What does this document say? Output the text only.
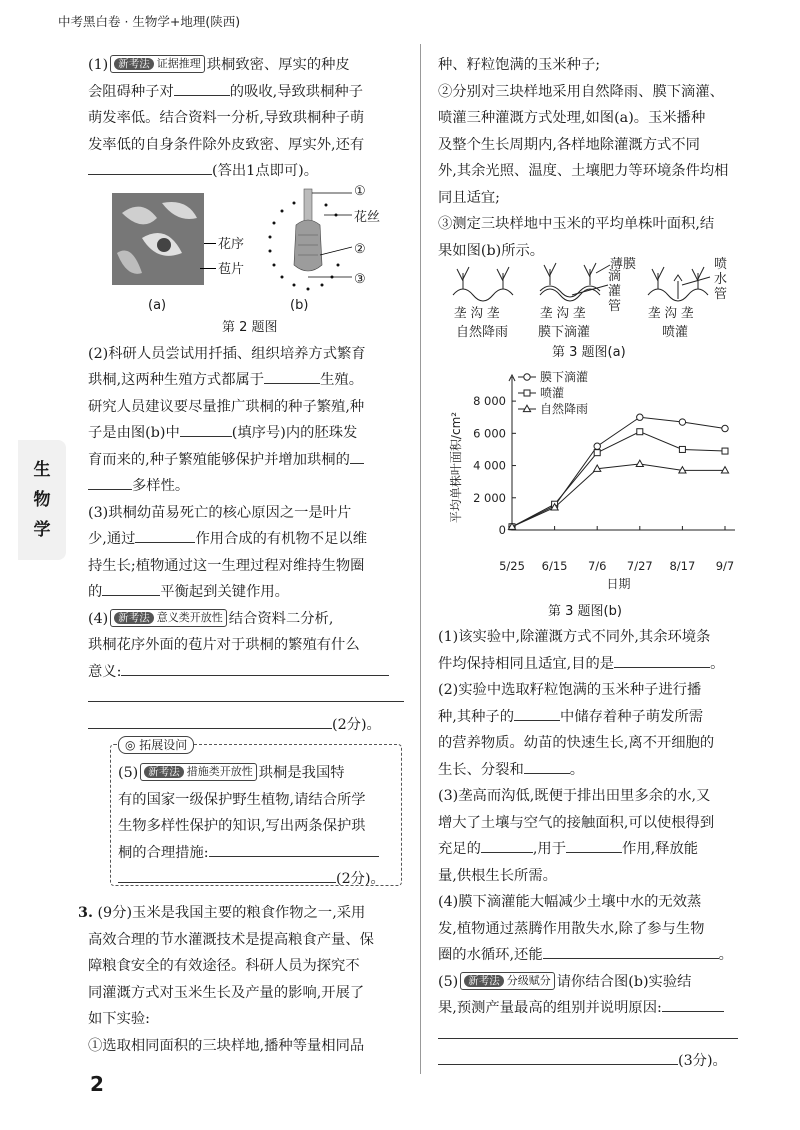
中考黑白卷 · 生物学+地理(陕西)
生
物
学

(1) 新考法 证据推理 珙桐致密、厚实的种皮

会阻碍种子对	的吸收,导致珙桐种子

萌发率低。结合资料一分析,导致珙桐种子萌

发率低的自身条件除外皮致密、厚实外,还有

(答出1点即可)。

花序
苞片
(a)
①
花丝
②
③
(b)
第 2 题图

(2)科研人员尝试用扦插、组织培养方式繁育

珙桐,这两种生殖方式都属于	生殖。

研究人员建议要尽量推广珙桐的种子繁殖,种

子是由图(b)中	(填序号)内的胚珠发

育而来的,种子繁殖能够保护并增加珙桐的

多样性。

(3)珙桐幼苗易死亡的核心原因之一是叶片

少,通过	作用合成的有机物不足以维

持生长;植物通过这一生理过程对维持生物圈

的	平衡起到关键作用。

(4) 新考法 意义类开放性 结合资料二分析,

珙桐花序外面的苞片对于珙桐的繁殖有什么

意义:

(2分)。

◎ 拓展设问

(5) 新考法 措施类开放性 珙桐是我国特

有的国家一级保护野生植物,请结合所学

生物多样性保护的知识,写出两条保护珙

桐的合理措施:

(2分)。

3. (9分)玉米是我国主要的粮食作物之一,采用

高效合理的节水灌溉技术是提高粮食产量、保

障粮食安全的有效途径。科研人员为探究不

同灌溉方式对玉米生长及产量的影响,开展了

如下实验:

①选取相同面积的三块样地,播种等量相同品

种、籽粒饱满的玉米种子;

②分别对三块样地采用自然降雨、膜下滴灌、

喷灌三种灌溉方式处理,如图(a)。玉米播种

及整个生长周期内,各样地除灌溉方式不同

外,其余光照、温度、土壤肥力等环境条件均相

同且适宜;

③测定三块样地中玉米的平均单株叶面积,结

果如图(b)所示。

薄膜
滴
灌
管
喷
水
管
垄 沟 垄	垄 沟 垄	垄 沟 垄
自然降雨 膜下滴灌	喷灌
第 3 题图(a)
0
2 000
4 000
6 000
8 000
5/25 6/15 7/6 7/27 8/17 9/7
日期
平均单株叶面积/cm²
膜下滴灌
喷灌
自然降雨
第 3 题图(b)

(1)该实验中,除灌溉方式不同外,其余环境条

件均保持相同且适宜,目的是	。

(2)实验中选取籽粒饱满的玉米种子进行播

种,其种子的	中储存着种子萌发所需

的营养物质。幼苗的快速生长,离不开细胞的

生长、分裂和	。

(3)垄高而沟低,既便于排出田里多余的水,又

增大了土壤与空气的接触面积,可以使根得到

充足的	,用于	作用,释放能

量,供根生长所需。

(4)膜下滴灌能大幅减少土壤中水的无效蒸

发,植物通过蒸腾作用散失水,除了参与生物

圈的水循环,还能	。

(5) 新考法 分级赋分 请你结合图(b)实验结

果,预测产量最高的组别并说明原因:

(3分)。

2
